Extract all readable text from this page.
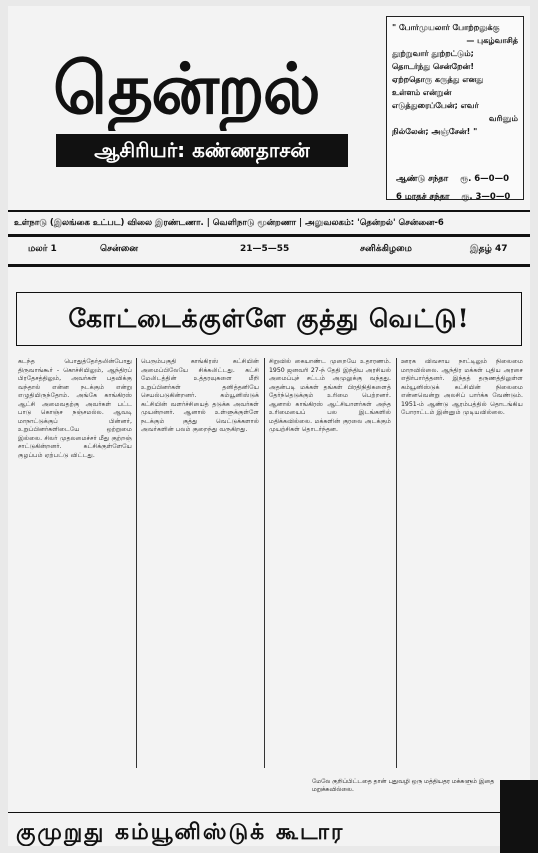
தென்றல்
ஆசிரியர்: கண்ணதாசன்
" போர்முயலார் போற்றலுக்கு
— புகழ்வாசித்
தூற்றுவார் தூற்றட்டும்;
தொடர்ந்து சென்றேன்!
ஏற்றதொரு கருத்து எனது
உள்ளம் என்றுன்
எடுத்துரைப்பேன்; எவர்
வரினும்
நில்லேன்; அஞ்சேன்! "
ஆண்டு சந்தா ரூ. 6—0—0
6 மாதச் சந்தா ரூ. 3—0—0
உள்நாடு (இலங்கை உட்பட) விலை இரண்டணா. | வெளிநாடு மூன்றணா | அலுவலகம்: 'தென்றல்' சென்னை-6
மலர் 1	சென்னை	21—5—55	சனிக்கிழமை	இதழ் 47
கோட்டைக்குள்ளே குத்து வெட்டு!

கடந்த பொதுத்தேர்தலின்போது திருவாங்கூர் - கொச்சியிலும், ஆந்திரப் பிரதேசத்திலும், அவர்கள் பதவிக்கு வந்தால் என்ன நடக்கும் என்று எழுதியிருந்தோம். அங்கே காங்கிரஸ் ஆட்சி அமைவதற்கு அவர்கள் பட்ட பாடு கொஞ்ச நஞ்சமல்ல. ஆவடி மாநாட்டுக்குப் பின்னர், உறுப்பினர்களிடையே ஒற்றுமை இல்லை. சிலர் முதலமைச்சர் மீது குற்றஞ் சாட்டுகின்றனர். கட்சிக்குள்ளேயே குழப்பம் ஏற்பட்டு விட்டது.

பெரும்பகுதி காங்கிரஸ் கட்சியின் அமைப்பிலேயே சிக்கலிட்டது. கட்சி மேலிடத்தின் உத்தரவுகளை மீறி உறுப்பினர்கள் தனித்தனியே செயல்படுகின்றனர். கம்யூனிஸ்டுக் கட்சியின் வளர்ச்சியைத் தடுக்க அவர்கள் முயன்றனர். ஆனால் உள்ளுக்குள்ளே நடக்கும் குத்து வெட்டுக்களால் அவர்களின் பலம் குறைந்து வருகிறது.

சிறுவில் கையாண்ட முறையே உதாரணம். 1950 ஜனவரி 27-ந் தேதி இந்திய அரசியல் அமைப்புச் சட்டம் அமுலுக்கு வந்தது. அதன்படி மக்கள் தங்கள் பிரதிநிதிகளைத் தேர்ந்தெடுக்கும் உரிமை பெற்றனர். ஆனால் காங்கிரஸ் ஆட்சியாளர்கள் அந்த உரிமையைப் பல இடங்களில் மதிக்கவில்லை. மக்களின் குரலை அடக்கும் முயற்சிகள் தொடர்ந்தன.

ஊரக விவசாய நாட்டிலும் நிலைமை மாறவில்லை. ஆந்திர மக்கள் புதிய அரசை எதிர்பார்த்தனர். இந்தத் தருணத்திலுள்ள கம்யூனிஸ்டுக் கட்சியின் நிலைமை என்னவென்று அலசிப் பார்க்க வேண்டும். 1951-ம் ஆண்டு ஆரம்பத்தில் தொடங்கிய போராட்டம் இன்னும் முடியவில்லை.

மேலே குறிப்பிட்டதை தான் புதுவழி ஒரு மத்தியதர மக்களும் இதை மறுக்கவில்லை.
குமுறுது கம்யூனிஸ்டுக் கூடார
